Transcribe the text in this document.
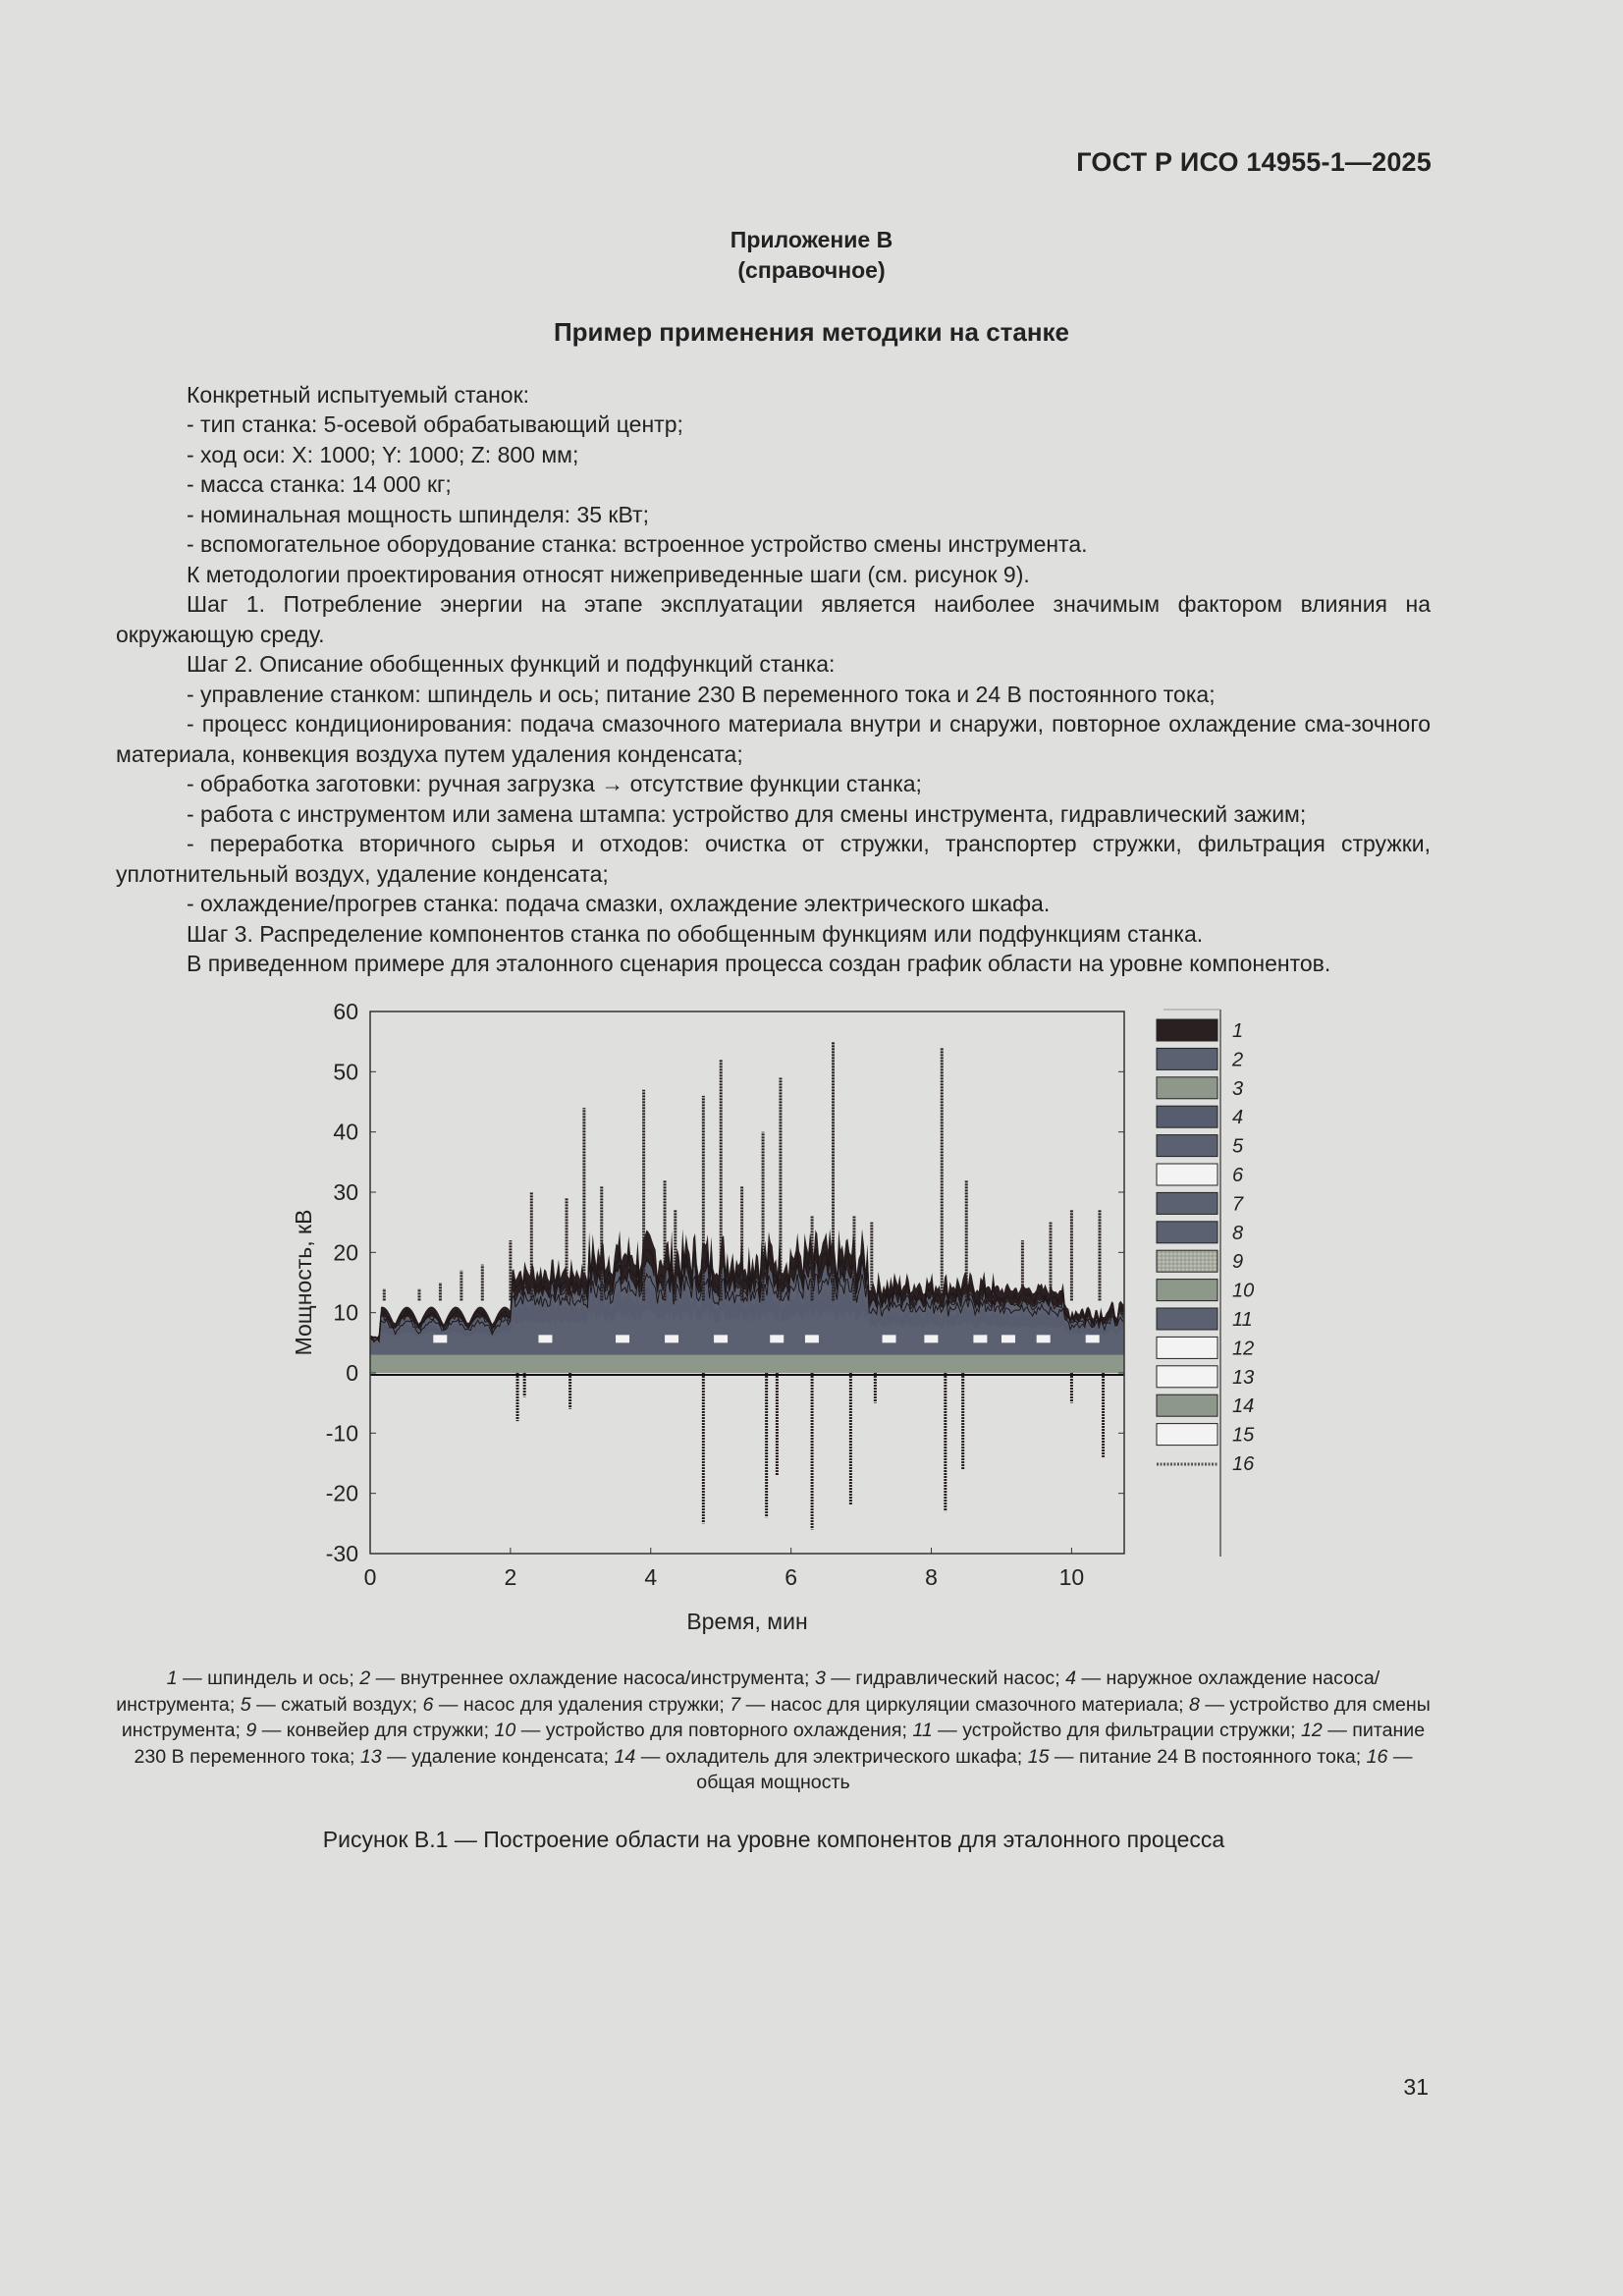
ГОСТ Р ИСО 14955-1—2025
Приложение В
(справочное)
Пример применения методики на станке

Конкретный испытуемый станок:

- тип станка: 5-осевой обрабатывающий центр;

- ход оси: X: 1000; Y: 1000; Z: 800 мм;

- масса станка: 14 000 кг;

- номинальная мощность шпинделя: 35 кВт;

- вспомогательное оборудование станка: встроенное устройство смены инструмента.

К методологии проектирования относят нижеприведенные шаги (см. рисунок 9).

Шаг 1. Потребление энергии на этапе эксплуатации является наиболее значимым фактором влияния на окружающую среду.

Шаг 2. Описание обобщенных функций и подфункций станка:

- управление станком: шпиндель и ось; питание 230 В переменного тока и 24 В постоянного тока;

- процесс кондиционирования: подача смазочного материала внутри и снаружи, повторное охлаждение сма-зочного материала, конвекция воздуха путем удаления конденсата;

- обработка заготовки: ручная загрузка → отсутствие функции станка;

- работа с инструментом или замена штампа: устройство для смены инструмента, гидравлический зажим;

- переработка вторичного сырья и отходов: очистка от стружки, транспортер стружки, фильтрация стружки, уплотнительный воздух, удаление конденсата;

- охлаждение/прогрев станка: подача смазки, охлаждение электрического шкафа.

Шаг 3. Распределение компонентов станка по обобщенным функциям или подфункциям станка.

В приведенном примере для эталонного сценария процесса создан график области на уровне компонентов.

60
50
40
30
20
10
0
-10
-20
-30
0	2	4	6	8	10
1
2
3
4
5
6
7
8
9
10
11
12
13
14
15
16
Время, мин
Мощность, кВ
1 — шпиндель и ось; 2 — внутреннее охлаждение насоса/инструмента; 3 — гидравлический насос; 4 — наружное охлаждение насоса/инструмента; 5 — сжатый воздух; 6 — насос для удаления стружки; 7 — насос для циркуляции смазочного материала; 8 — устройство для смены инструмента; 9 — конвейер для стружки; 10 — устройство для повторного охлаждения; 11 — устройство для фильтрации стружки; 12 — питание 230 В переменного тока; 13 — удаление конденсата; 14 — охладитель для электрического шкафа; 15 — питание 24 В постоянного тока; 16 — общая мощность
Рисунок В.1 — Построение области на уровне компонентов для эталонного процесса
31
